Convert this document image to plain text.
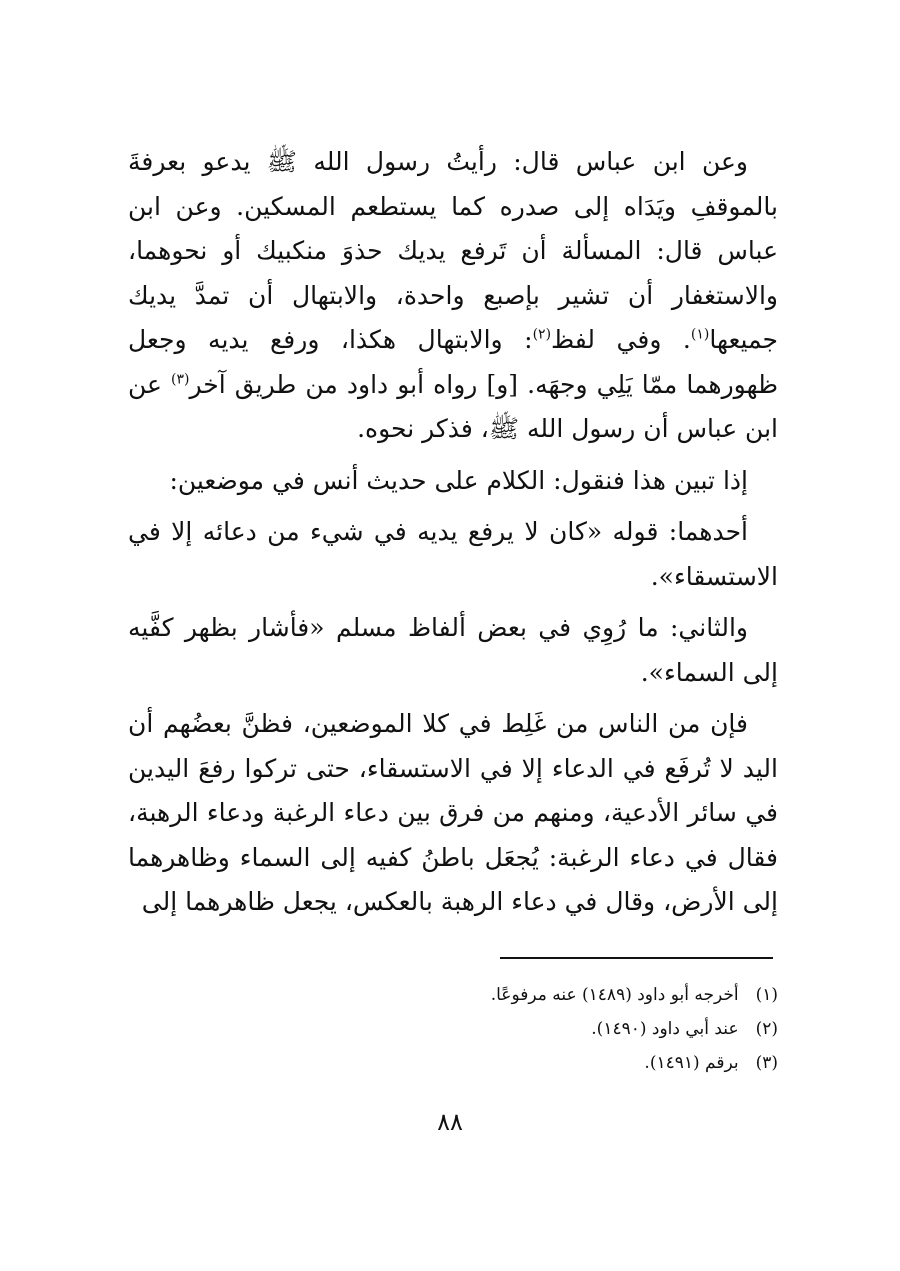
وعن ابن عباس قال: رأيتُ رسول الله ﷺ يدعو بعرفةَ بالموقفِ ويَدَاه إلى صدره كما يستطعم المسكين. وعن ابن عباس قال: المسألة أن تَرفع يديك حذوَ منكبيك أو نحوهما، والاستغفار أن تشير بإصبع واحدة، والابتهال أن تمدَّ يديك جميعها$^{(١)}$. وفي لفظ$^{(٢)}$: والابتهال هكذا، ورفع يديه وجعل ظهورهما ممّا يَلِي وجهَه. [و] رواه أبو داود من طريق آخر$^{(٣)}$ عن ابن عباس أن رسول الله ﷺ، فذكر نحوه.

إذا تبين هذا فنقول: الكلام على حديث أنس في موضعين:

أحدهما: قوله «كان لا يرفع يديه في شيء من دعائه إلا في الاستسقاء».

والثاني: ما رُوِي في بعض ألفاظ مسلم «فأشار بظهر كفَّيه إلى السماء».

فإن من الناس من غَلِط في كلا الموضعين، فظنَّ بعضُهم أن اليد لا تُرفَع في الدعاء إلا في الاستسقاء، حتى تركوا رفعَ اليدين في سائر الأدعية، ومنهم من فرق بين دعاء الرغبة ودعاء الرهبة، فقال في دعاء الرغبة: يُجعَل باطنُ كفيه إلى السماء وظاهرهما إلى الأرض، وقال في دعاء الرهبة بالعكس، يجعل ظاهرهما إلى

(١) أخرجه أبو داود (١٤٨٩) عنه مرفوعًا.

(٢) عند أبي داود (١٤٩٠).

(٣) برقم (١٤٩١).

٨٨
